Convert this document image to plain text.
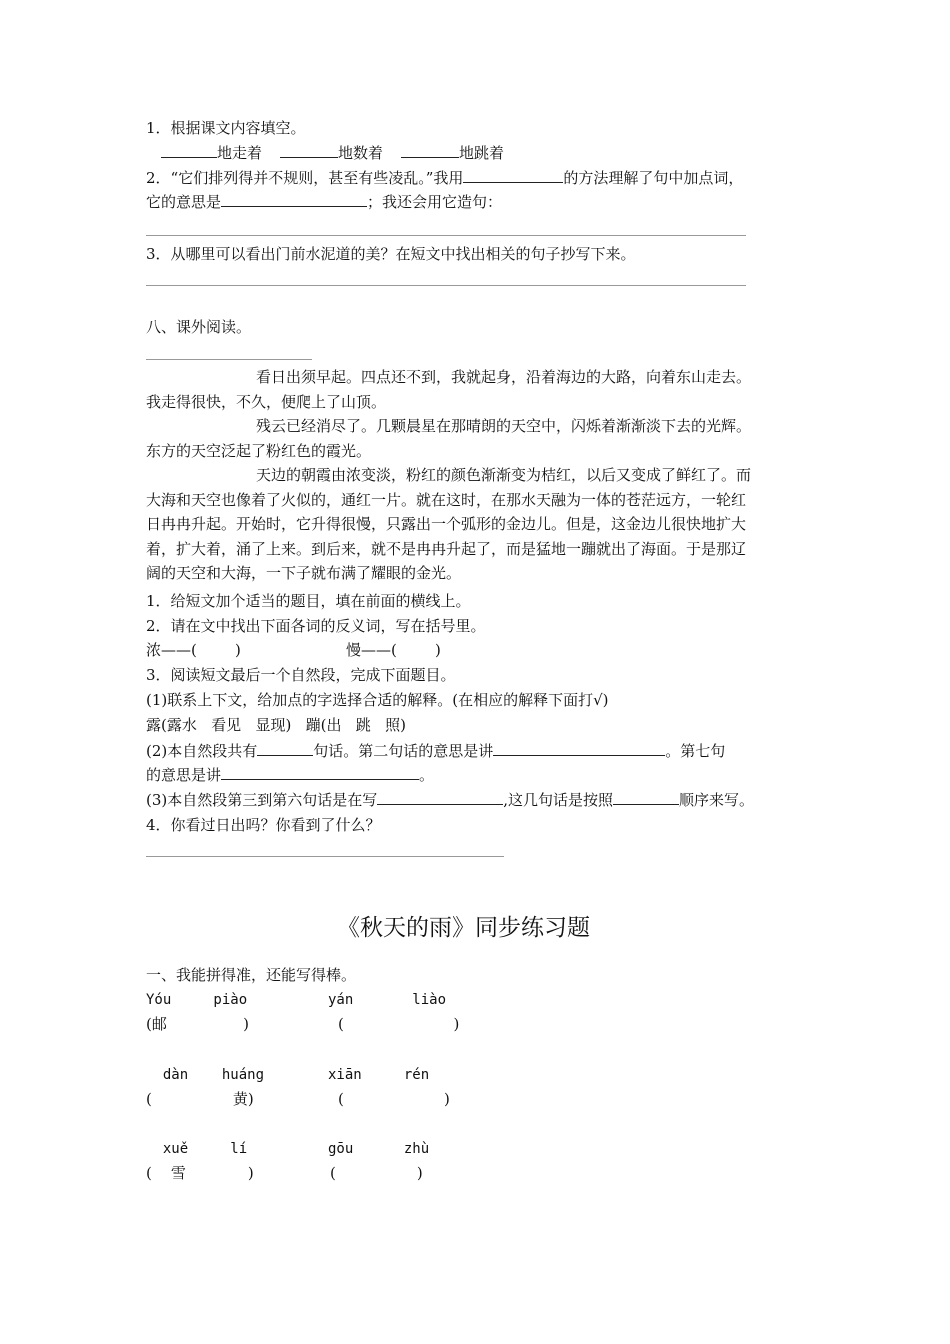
1．根据课文内容填空。
地走着	地数着	地跳着
2．“它们排列得并不规则，甚至有些凌乱。”我用	的方法理解了句中加点词，
它的意思是	；我还会用它造句：
3．从哪里可以看出门前水泥道的美？在短文中找出相关的句子抄写下来。
八、课外阅读。
看日出须早起。四点还不到，我就起身，沿着海边的大路，向着东山走去。
我走得很快，不久，便爬上了山顶。
残云已经消尽了。几颗晨星在那晴朗的天空中，闪烁着渐渐淡下去的光辉。
东方的天空泛起了粉红色的霞光。
天边的朝霞由浓变淡，粉红的颜色渐渐变为桔红，以后又变成了鲜红了。而
大海和天空也像着了火似的，通红一片。就在这时，在那水天融为一体的苍茫远方，一轮红
日冉冉升起。开始时，它升得很慢，只露出一个弧形的金边儿。但是，这金边儿很快地扩大
着，扩大着，涌了上来。到后来，就不是冉冉升起了，而是猛地一蹦就出了海面。于是那辽
阔的天空和大海，一下子就布满了耀眼的金光。
1．给短文加个适当的题目，填在前面的横线上。
2．请在文中找出下面各词的反义词，写在括号里。
浓——(        )	慢——(        )
3．阅读短文最后一个自然段，完成下面题目。
(1)联系上下文，给加点的字选择合适的解释。(在相应的解释下面打√)
露(露水   看见   显现)   蹦(出   跳   照)
(2)本自然段共有	句话。第二句话的意思是讲	。第七句
的意思是讲	。
(3)本自然段第三到第六句话是在写	,这几句话是按照	顺序来写。
4．你看过日出吗？你看到了什么？
《秋天的雨》同步练习题
一、我能拼得准，还能写得棒。
Yóu     piào	yán       liào
(邮                )	(                       )
dàn    huáng	xiān     rén
(                 黄)	(                     )
xuě     lí	gōu      zhù
(    雪             )	(                 )
